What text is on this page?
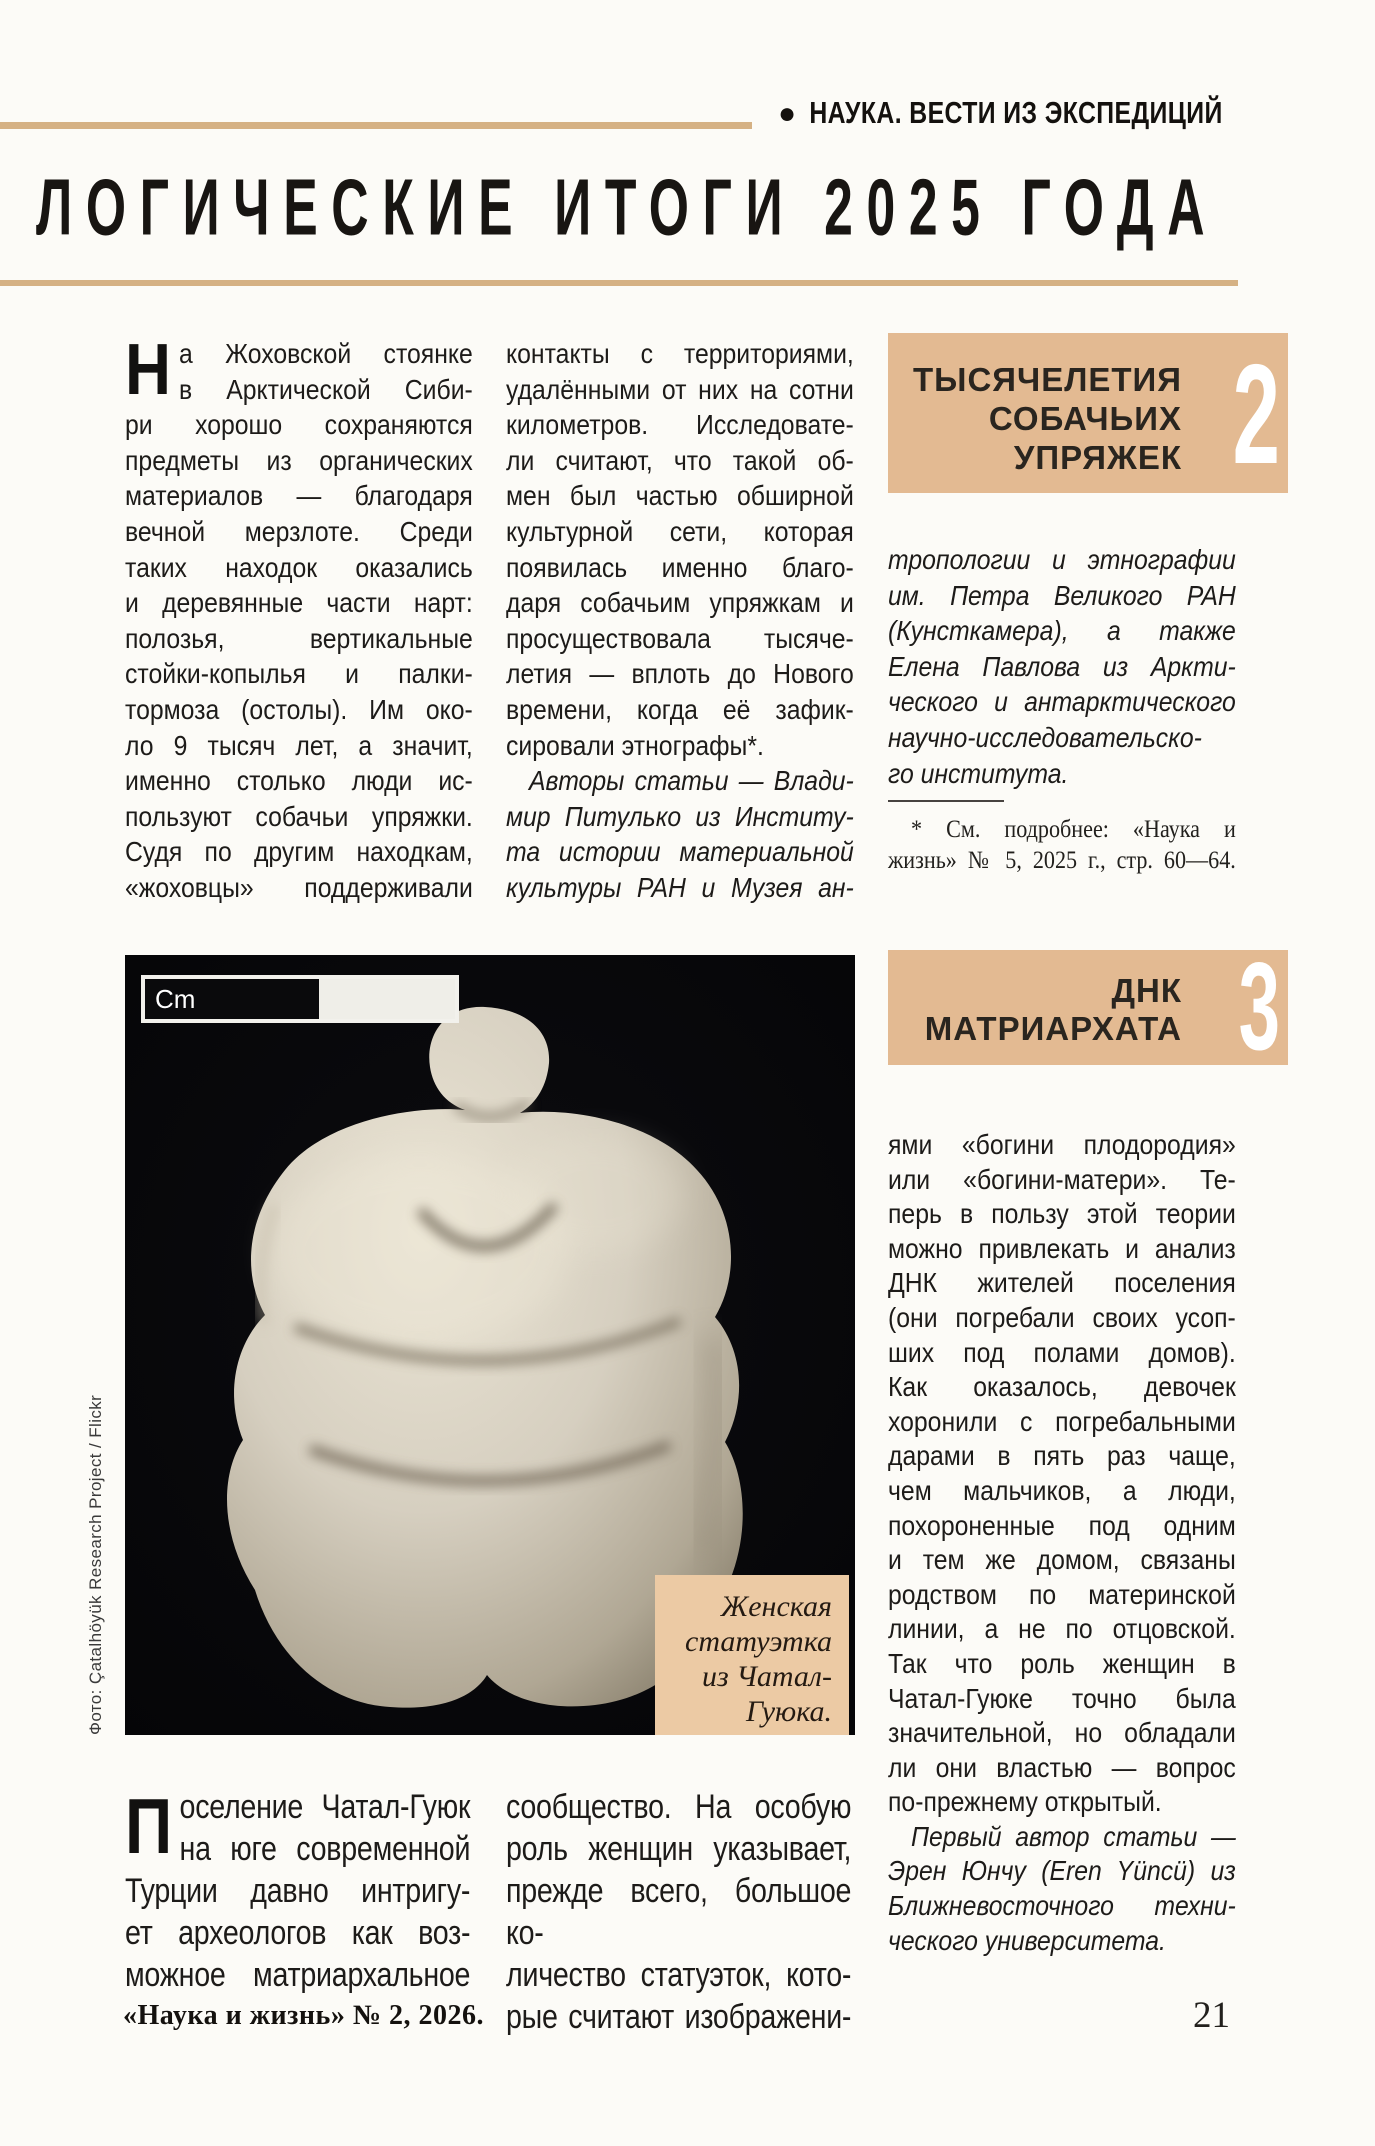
● НАУКА. ВЕСТИ ИЗ ЭКСПЕДИЦИЙ
ЛОГИЧЕСКИЕ ИТОГИ 2025 ГОДА
Н а Жоховской стоянке
в Арктической Сиби-
ри хорошо сохраняются
предметы из органических
материалов — благодаря
вечной мерзлоте. Среди
таких находок оказались
и деревянные части нарт:
полозья, вертикальные
стойки-копылья и палки-
тормоза (остолы). Им око-
ло 9 тысяч лет, а значит,
именно столько люди ис-
пользуют собачьи упряжки.
Судя по другим находкам,
«жоховцы» поддерживали
контакты с территориями,
удалёнными от них на сотни
километров. Исследовате-
ли считают, что такой об-
мен был частью обширной
культурной сети, которая
появилась именно благо-
даря собачьим упряжкам и
просуществовала тысяче-
летия — вплоть до Нового
времени, когда её зафик-
сировали этнографы*.
Авторы статьи — Влади-
мир Питулько из Институ-
та истории материальной
культуры РАН и Музея ан-
ТЫСЯЧЕЛЕТИЯ
СОБАЧЬИХ
УПРЯЖЕК 2
тропологии и этнографии
им. Петра Великого РАН
(Кунсткамера), а также
Елена Павлова из Аркти-
ческого и антарктического
научно-исследовательско-
го института.
* См. подробнее: «Наука и
жизнь» № 5, 2025 г., стр. 60—64.
ДНК
МАТРИАРХАТА 3
Cm
Женская
статуэтка
из Чатал-
Гуюка.
Фото: Çatalhöyük Research Project / Flickr
ями «богини плодородия»
или «богини-матери». Те-
перь в пользу этой теории
можно привлекать и анализ
ДНК жителей поселения
(они погребали своих усоп-
ших под полами домов).
Как оказалось, девочек
хоронили с погребальными
дарами в пять раз чаще,
чем мальчиков, а люди,
похороненные под одним
и тем же домом, связаны
родством по материнской
линии, а не по отцовской.
Так что роль женщин в
Чатал-Гуюке точно была
значительной, но обладали
ли они властью — вопрос
по-прежнему открытый.
Первый автор статьи —
Эрен Юнчу (Eren Yüncü) из
Ближневосточного техни-
ческого университета.
П оселение Чатал-Гуюк
на юге современной
Турции давно интригу-
ет археологов как воз-
можное матриархальное
сообщество. На особую
роль женщин указывает,
прежде всего, большое ко-
личество статуэток, кото-
рые считают изображени-
«Наука и жизнь» № 2, 2026.	21
